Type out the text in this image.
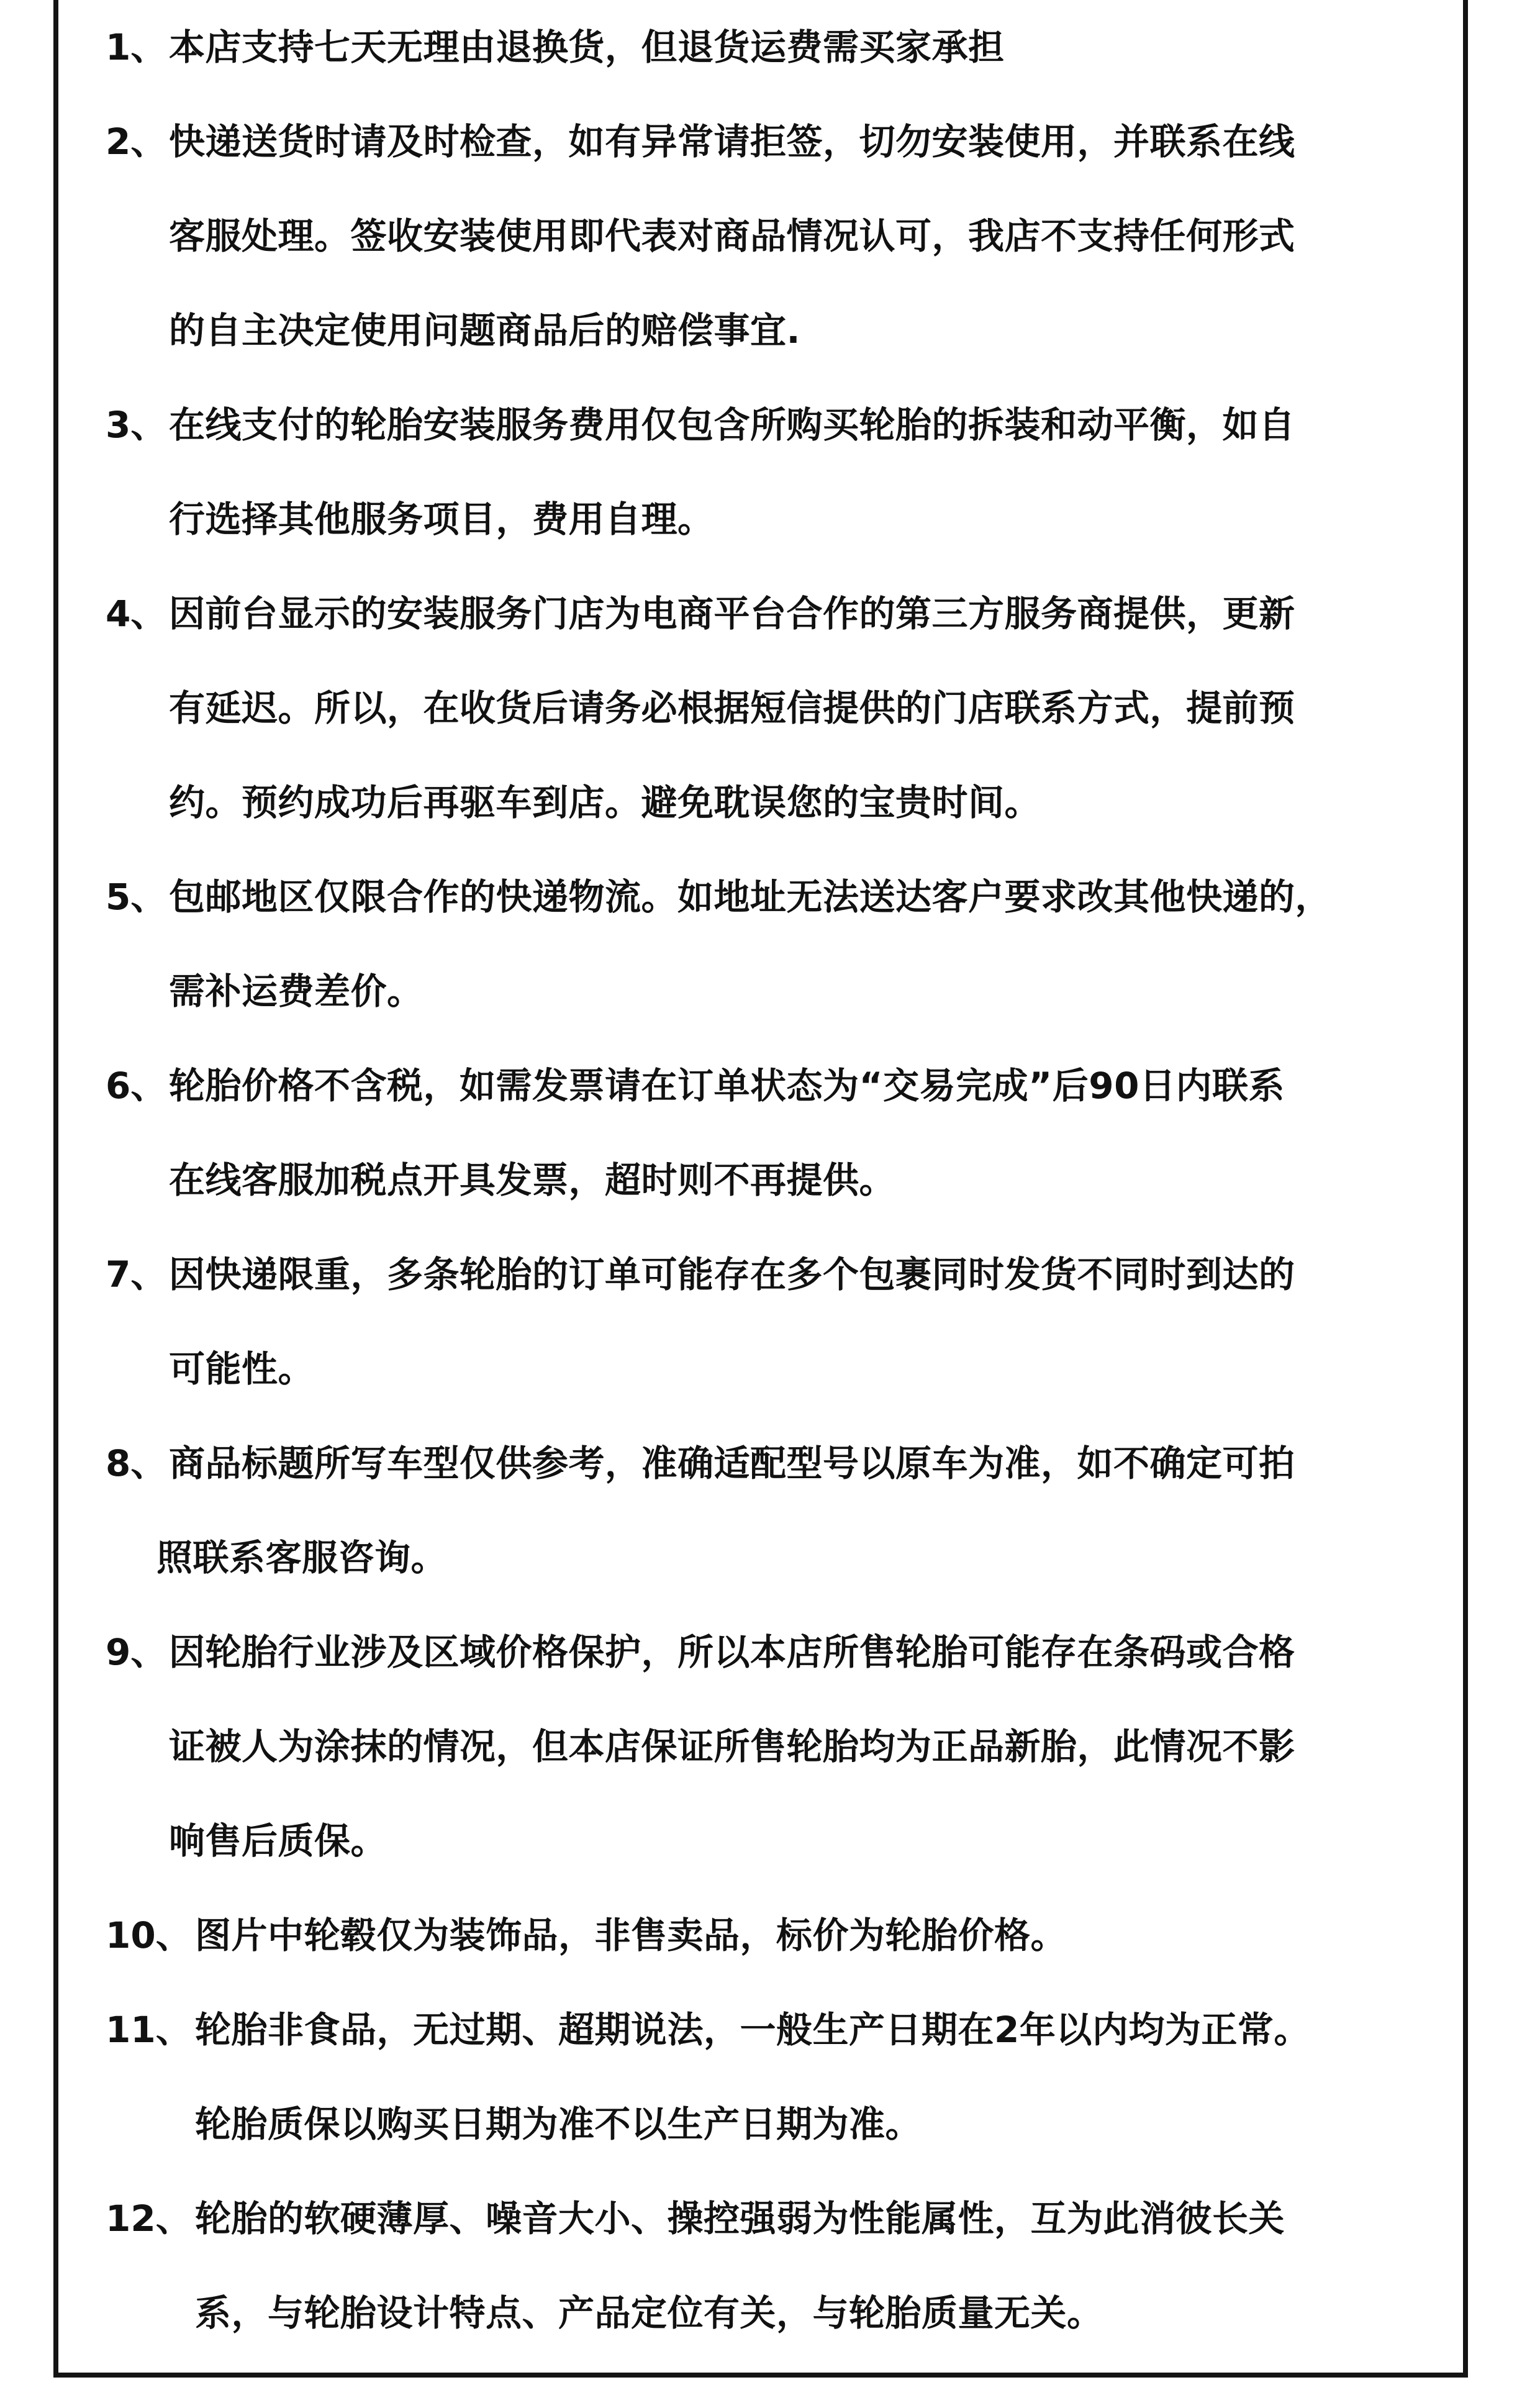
1、 本店支持七天无理由退换货，但退货运费需买家承担
2、 快递送货时请及时检查，如有异常请拒签，切勿安装使用，并联系在线
客服处理。签收安装使用即代表对商品情况认可，我店不支持任何形式
的自主决定使用问题商品后的赔偿事宜.
3、 在线支付的轮胎安装服务费用仅包含所购买轮胎的拆装和动平衡，如自
行选择其他服务项目，费用自理。
4、 因前台显示的安装服务门店为电商平台合作的第三方服务商提供，更新
有延迟。所以，在收货后请务必根据短信提供的门店联系方式，提前预
约。预约成功后再驱车到店。避免耽误您的宝贵时间。
5、 包邮地区仅限合作的快递物流。如地址无法送达客户要求改其他快递的，
需补运费差价。
6、 轮胎价格不含税，如需发票请在订单状态为“交易完成”后90日内联系
在线客服加税点开具发票，超时则不再提供。
7、 因快递限重，多条轮胎的订单可能存在多个包裹同时发货不同时到达的
可能性。
8、 商品标题所写车型仅供参考，准确适配型号以原车为准，如不确定可拍
照联系客服咨询。
9、 因轮胎行业涉及区域价格保护，所以本店所售轮胎可能存在条码或合格
证被人为涂抹的情况，但本店保证所售轮胎均为正品新胎，此情况不影
响售后质保。
10、 图片中轮毂仅为装饰品，非售卖品，标价为轮胎价格。
11、 轮胎非食品，无过期、超期说法，一般生产日期在2年以内均为正常。
轮胎质保以购买日期为准不以生产日期为准。
12、 轮胎的软硬薄厚、噪音大小、操控强弱为性能属性，互为此消彼长关
系，与轮胎设计特点、产品定位有关，与轮胎质量无关。
